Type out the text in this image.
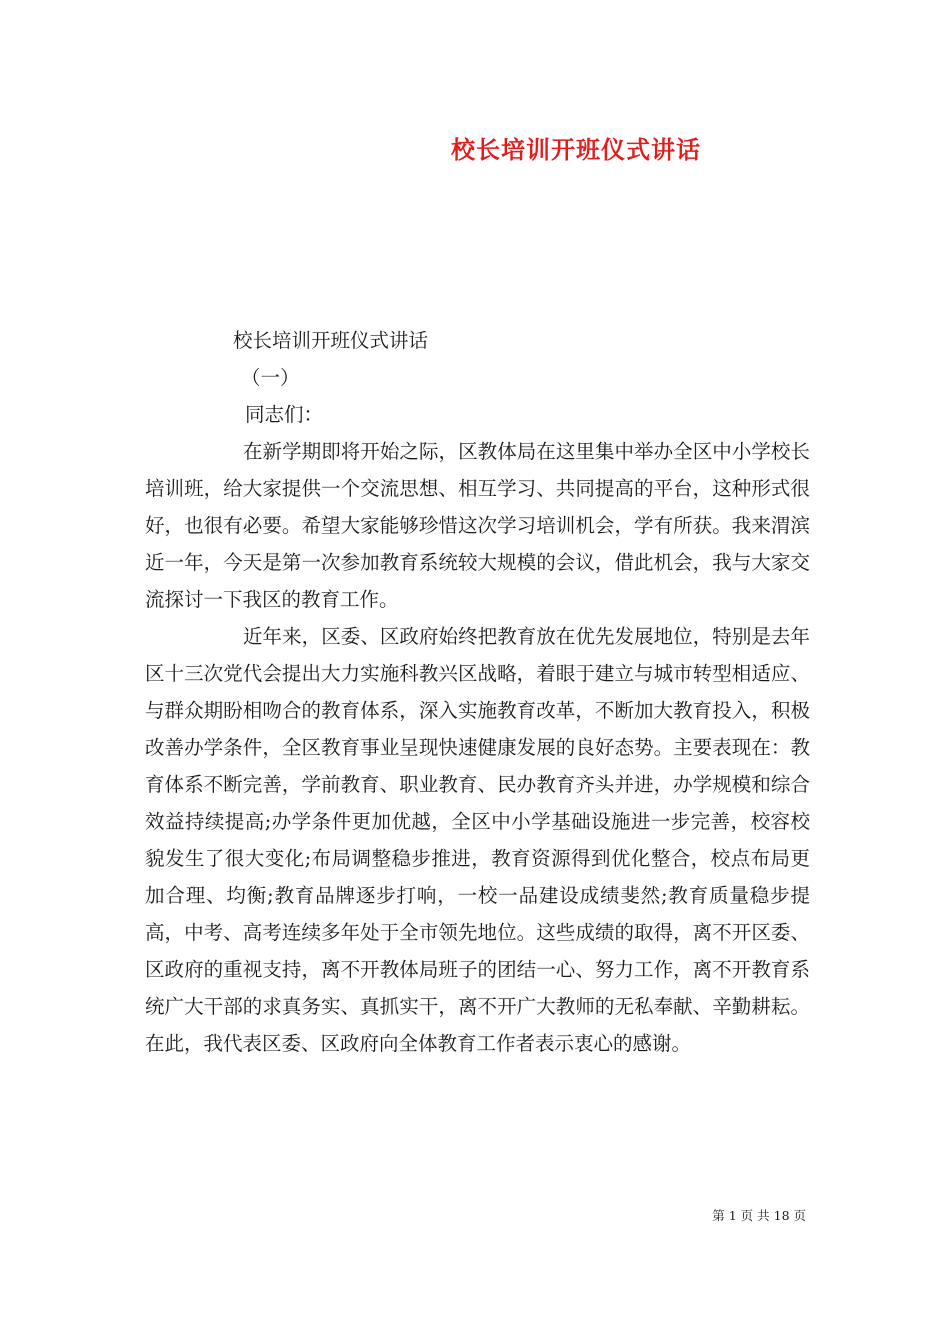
校长培训开班仪式讲话

校长培训开班仪式讲话

（一）

同志们：

在新学期即将开始之际，区教体局在这里集中举办全区中小学校长培训班，给大家提供一个交流思想、相互学习、共同提高的平台，这种形式很好，也很有必要。希望大家能够珍惜这次学习培训机会，学有所获。我来渭滨近一年，今天是第一次参加教育系统较大规模的会议，借此机会，我与大家交流探讨一下我区的教育工作。

近年来，区委、区政府始终把教育放在优先发展地位，特别是去年区十三次党代会提出大力实施科教兴区战略，着眼于建立与城市转型相适应、与群众期盼相吻合的教育体系，深入实施教育改革，不断加大教育投入，积极改善办学条件，全区教育事业呈现快速健康发展的良好态势。主要表现在：教育体系不断完善，学前教育、职业教育、民办教育齐头并进，办学规模和综合效益持续提高;办学条件更加优越，全区中小学基础设施进一步完善，校容校貌发生了很大变化;布局调整稳步推进，教育资源得到优化整合，校点布局更加合理、均衡;教育品牌逐步打响，一校一品建设成绩斐然;教育质量稳步提高，中考、高考连续多年处于全市领先地位。这些成绩的取得，离不开区委、区政府的重视支持，离不开教体局班子的团结一心、努力工作，离不开教育系统广大干部的求真务实、真抓实干，离不开广大教师的无私奉献、辛勤耕耘。在此，我代表区委、区政府向全体教育工作者表示衷心的感谢。

第 1 页 共 18 页
